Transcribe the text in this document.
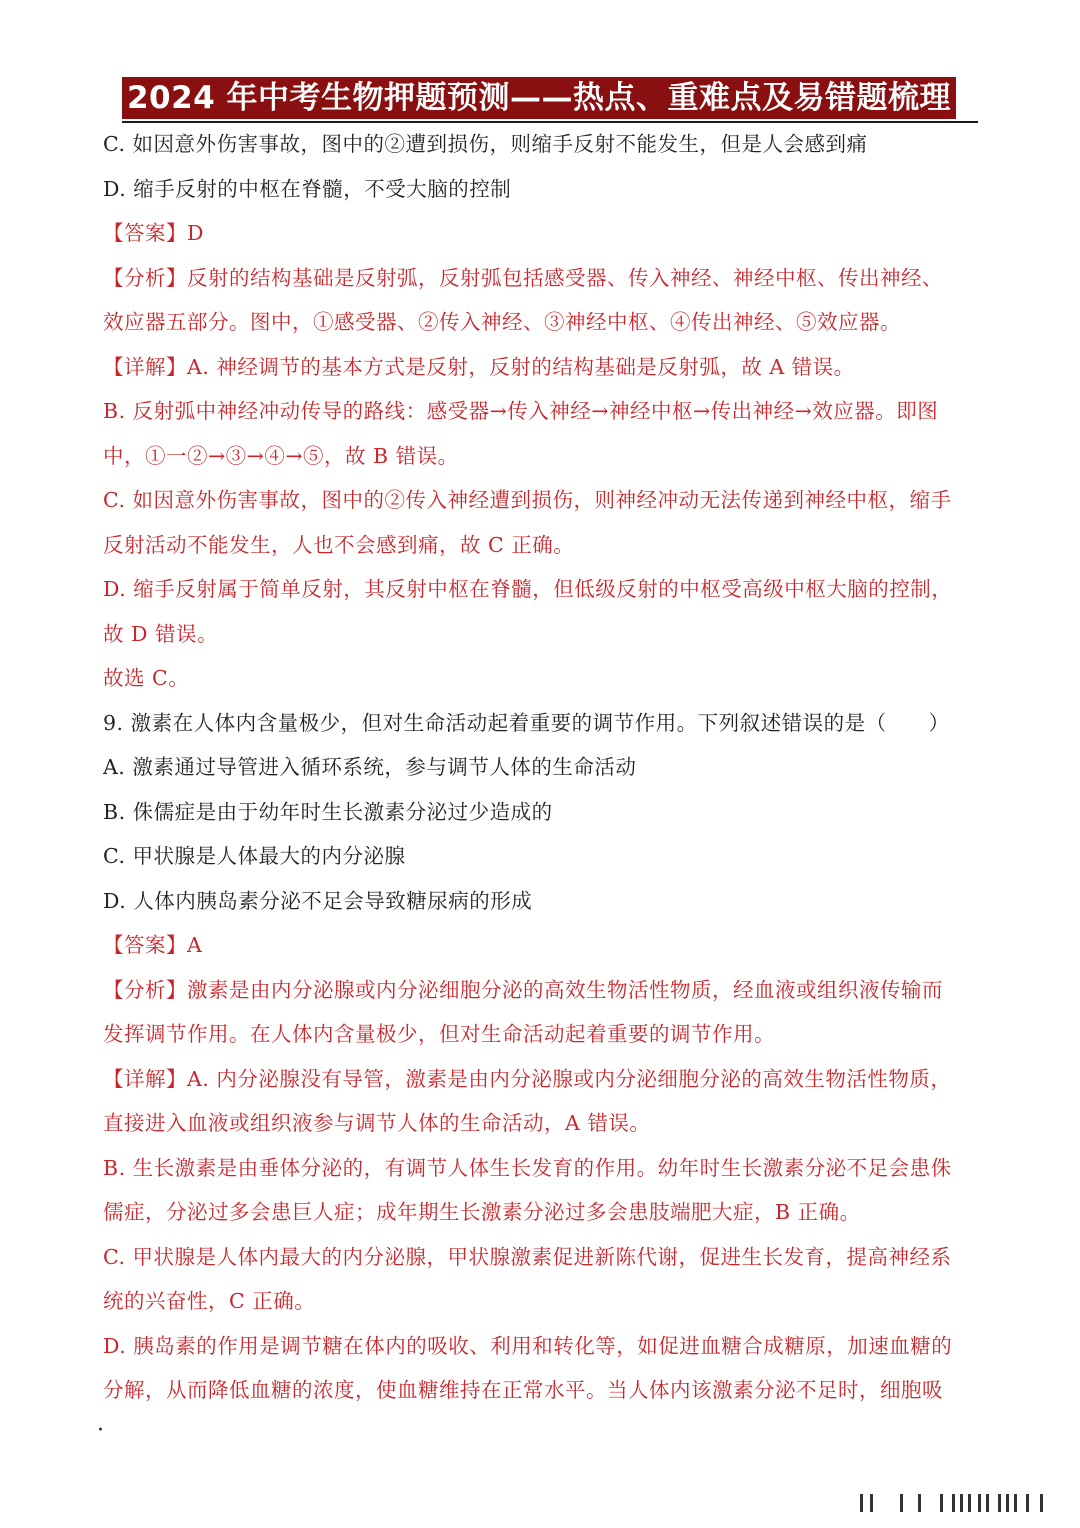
2024 年中考生物押题预测——热点、重难点及易错题梳理
C. 如因意外伤害事故，图中的②遭到损伤，则缩手反射不能发生，但是人会感到痛
D. 缩手反射的中枢在脊髓，不受大脑的控制
【答案】D
【分析】反射的结构基础是反射弧，反射弧包括感受器、传入神经、神经中枢、传出神经、
效应器五部分。图中，①感受器、②传入神经、③神经中枢、④传出神经、⑤效应器。
【详解】A. 神经调节的基本方式是反射，反射的结构基础是反射弧，故 A 错误。
B. 反射弧中神经冲动传导的路线：感受器→传入神经→神经中枢→传出神经→效应器。即图
中，①一②→③→④→⑤，故 B 错误。
C. 如因意外伤害事故，图中的②传入神经遭到损伤，则神经冲动无法传递到神经中枢，缩手
反射活动不能发生，人也不会感到痛，故 C 正确。
D. 缩手反射属于简单反射，其反射中枢在脊髓，但低级反射的中枢受高级中枢大脑的控制，
故 D 错误。
故选 C。
9. 激素在人体内含量极少，但对生命活动起着重要的调节作用。下列叙述错误的是（　　）
A. 激素通过导管进入循环系统，参与调节人体的生命活动
B. 侏儒症是由于幼年时生长激素分泌过少造成的
C. 甲状腺是人体最大的内分泌腺
D. 人体内胰岛素分泌不足会导致糖尿病的形成
【答案】A
【分析】激素是由内分泌腺或内分泌细胞分泌的高效生物活性物质，经血液或组织液传输而
发挥调节作用。在人体内含量极少，但对生命活动起着重要的调节作用。
【详解】A. 内分泌腺没有导管，激素是由内分泌腺或内分泌细胞分泌的高效生物活性物质，
直接进入血液或组织液参与调节人体的生命活动，A 错误。
B. 生长激素是由垂体分泌的，有调节人体生长发育的作用。幼年时生长激素分泌不足会患侏
儒症，分泌过多会患巨人症；成年期生长激素分泌过多会患肢端肥大症，B 正确。
C. 甲状腺是人体内最大的内分泌腺，甲状腺激素促进新陈代谢，促进生长发育，提高神经系
统的兴奋性，C 正确。
D. 胰岛素的作用是调节糖在体内的吸收、利用和转化等，如促进血糖合成糖原，加速血糖的
分解，从而降低血糖的浓度，使血糖维持在正常水平。当人体内该激素分泌不足时，细胞吸
·
